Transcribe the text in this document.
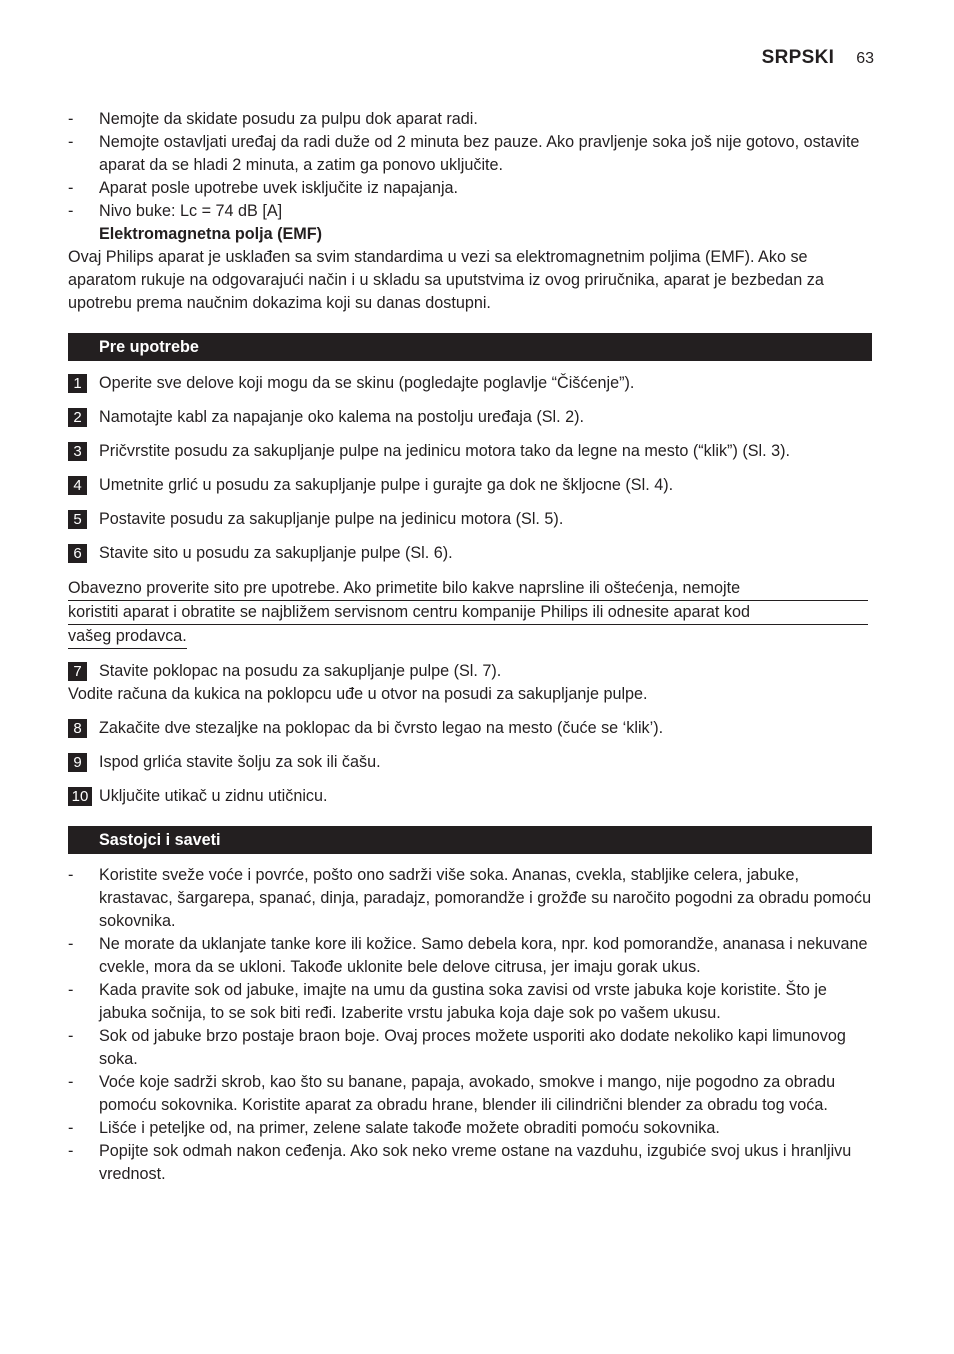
SRPSKI 63
- Nemojte da skidate posudu za pulpu dok aparat radi.
- Nemojte ostavljati uređaj da radi duže od 2 minuta bez pauze. Ako pravljenje soka još nije gotovo, ostavite aparat da se hladi 2 minuta, a zatim ga ponovo uključite.
- Aparat posle upotrebe uvek isključite iz napajanja.
- Nivo buke: Lc = 74 dB [A]
Elektromagnetna polja (EMF)

Ovaj Philips aparat je usklađen sa svim standardima u vezi sa elektromagnetnim poljima (EMF). Ako se aparatom rukuje na odgovarajući način i u skladu sa uputstvima iz ovog priručnika, aparat je bezbedan za upotrebu prema naučnim dokazima koji su danas dostupni.

Pre upotrebe
1	Operite sve delove koji mogu da se skinu (pogledajte poglavlje “Čišćenje”).
2	Namotajte kabl za napajanje oko kalema na postolju uređaja (Sl. 2).
3	Pričvrstite posudu za sakupljanje pulpe na jedinicu motora tako da legne na mesto (“klik”) (Sl. 3).
4	Umetnite grlić u posudu za sakupljanje pulpe i gurajte ga dok ne škljocne (Sl. 4).
5	Postavite posudu za sakupljanje pulpe na jedinicu motora (Sl. 5).
6	Stavite sito u posudu za sakupljanje pulpe (Sl. 6).
Obavezno proverite sito pre upotrebe. Ako primetite bilo kakve naprsline ili oštećenja, nemojte
koristiti aparat i obratite se najbližem servisnom centru kompanije Philips ili odnesite aparat kod
vašeg prodavca.
7	Stavite poklopac na posudu za sakupljanje pulpe (Sl. 7).

Vodite računa da kukica na poklopcu uđe u otvor na posudi za sakupljanje pulpe.

8	Zakačite dve stezaljke na poklopac da bi čvrsto legao na mesto (čuće se ‘klik’).
9	Ispod grlića stavite šolju za sok ili čašu.
10 Uključite utikač u zidnu utičnicu.
Sastojci i saveti
- Koristite sveže voće i povrće, pošto ono sadrži više soka. Ananas, cvekla, stabljike celera, jabuke, krastavac, šargarepa, spanać, dinja, paradajz, pomorandže i grožđe su naročito pogodni za obradu pomoću sokovnika.
- Ne morate da uklanjate tanke kore ili kožice. Samo debela kora, npr. kod pomorandže, ananasa i nekuvane cvekle, mora da se ukloni. Takođe uklonite bele delove citrusa, jer imaju gorak ukus.
- Kada pravite sok od jabuke, imajte na umu da gustina soka zavisi od vrste jabuka koje koristite. Što je jabuka sočnija, to se sok biti ređi. Izaberite vrstu jabuka koja daje sok po vašem ukusu.
- Sok od jabuke brzo postaje braon boje. Ovaj proces možete usporiti ako dodate nekoliko kapi limunovog soka.
- Voće koje sadrži skrob, kao što su banane, papaja, avokado, smokve i mango, nije pogodno za obradu pomoću sokovnika. Koristite aparat za obradu hrane, blender ili cilindrični blender za obradu tog voća.
- Lišće i peteljke od, na primer, zelene salate takođe možete obraditi pomoću sokovnika.
- Popijte sok odmah nakon ceđenja. Ako sok neko vreme ostane na vazduhu, izgubiće svoj ukus i hranljivu vrednost.
